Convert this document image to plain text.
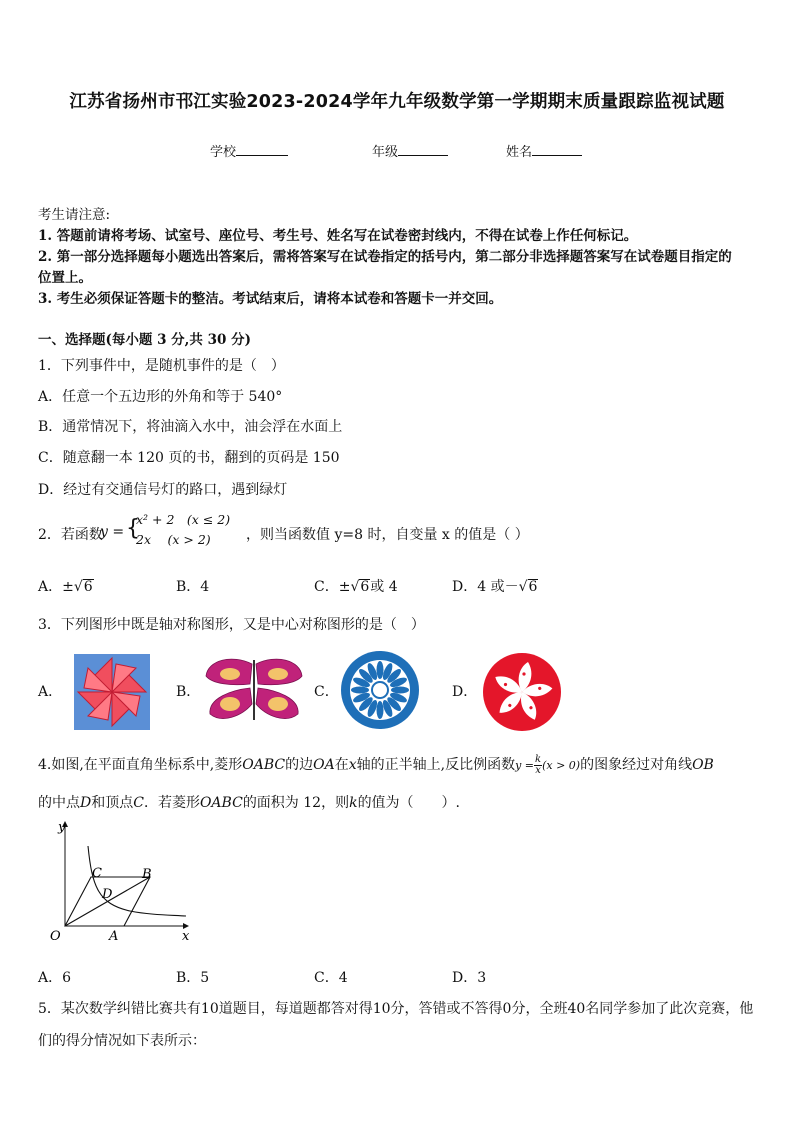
江苏省扬州市邗江实验2023-2024学年九年级数学第一学期期末质量跟踪监视试题
学校	年级	姓名
考生请注意:
1. 答题前请将考场、试室号、座位号、考生号、姓名写在试卷密封线内，不得在试卷上作任何标记。
2. 第一部分选择题每小题选出答案后，需将答案写在试卷指定的括号内，第二部分非选择题答案写在试卷题目指定的
位置上。
3. 考生必须保证答题卡的整洁。考试结束后，请将本试卷和答题卡一并交回。
一、选择题(每小题 3 分,共 30 分)
1．下列事件中，是随机事件的是（　）
A．任意一个五边形的外角和等于 540°
B．通常情况下，将油滴入水中，油会浮在水面上
C．随意翻一本 120 页的书，翻到的页码是 150
D．经过有交通信号灯的路口，遇到绿灯
2．若函数
y = {
x² + 2　(x ≤ 2)
2x　 (x > 2)	，则当函数值 y=8 时，自变量 x 的值是（ ）
A．±√6	B．4	C．±√6或 4	D．4 或－√6
3．下列图形中既是轴对称图形，又是中心对称图形的是（　）
A．	B．	C．	D．
4.如图,在平面直角坐标系中,菱形OABC的边OA在x轴的正半轴上,反比例函数$y = \frac{k}{x} (x > 0)$的图象经过对角线OB
的中点D和顶点C．若菱形OABC的面积为 12，则k的值为（　　）.
y
x
O	A
B
C
D
A．6	B．5	C．4	D．3
5．某次数学纠错比赛共有10道题目，每道题都答对得10分，答错或不答得0分，全班40名同学参加了此次竞赛，他
们的得分情况如下表所示：
